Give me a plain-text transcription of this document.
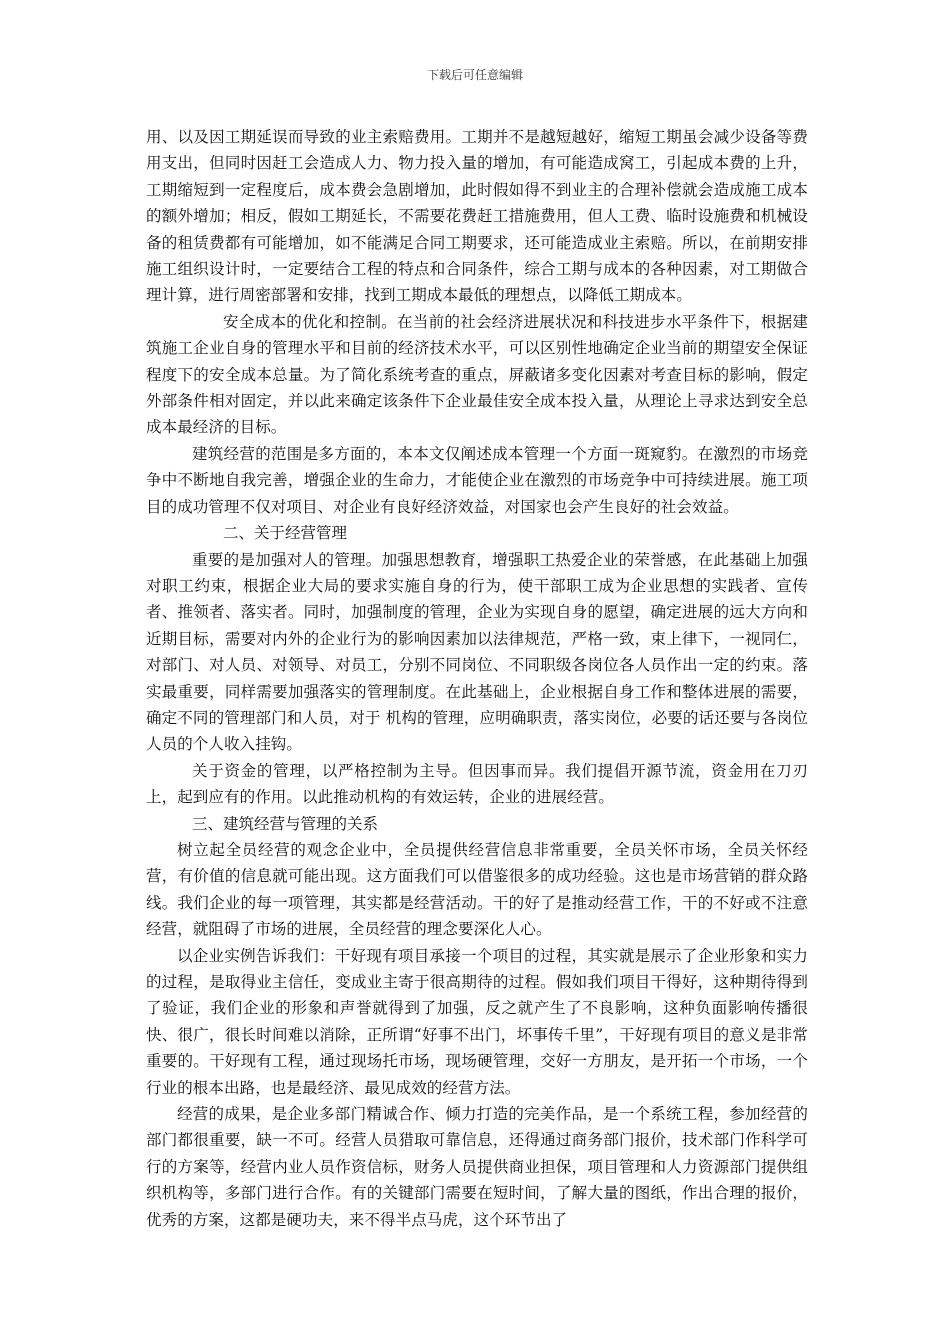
下载后可任意编辑

用、以及因工期延误而导致的业主索赔费用。工期并不是越短越好，缩短工期虽会减少设备等费用支出，但同时因赶工会造成人力、物力投入量的增加，有可能造成窝工，引起成本费的上升，工期缩短到一定程度后，成本费会急剧增加，此时假如得不到业主的合理补偿就会造成施工成本的额外增加；相反，假如工期延长，不需要花费赶工措施费用，但人工费、临时设施费和机械设备的租赁费都有可能增加，如不能满足合同工期要求，还可能造成业主索赔。所以，在前期安排施工组织设计时，一定要结合工程的特点和合同条件，综合工期与成本的各种因素，对工期做合理计算，进行周密部署和安排，找到工期成本最低的理想点，以降低工期成本。

安全成本的优化和控制。在当前的社会经济进展状况和科技进步水平条件下，根据建筑施工企业自身的管理水平和目前的经济技术水平，可以区别性地确定企业当前的期望安全保证程度下的安全成本总量。为了简化系统考查的重点，屏蔽诸多变化因素对考查目标的影响，假定外部条件相对固定，并以此来确定该条件下企业最佳安全成本投入量，从理论上寻求达到安全总成本最经济的目标。

建筑经营的范围是多方面的，本本文仅阐述成本管理一个方面一斑窥豹。在激烈的市场竞争中不断地自我完善，增强企业的生命力，才能使企业在激烈的市场竞争中可持续进展。施工项目的成功管理不仅对项目、对企业有良好经济效益，对国家也会产生良好的社会效益。

二、关于经营管理

重要的是加强对人的管理。加强思想教育，增强职工热爱企业的荣誉感，在此基础上加强对职工约束，根据企业大局的要求实施自身的行为，使干部职工成为企业思想的实践者、宣传者、推领者、落实者。同时，加强制度的管理，企业为实现自身的愿望，确定进展的远大方向和近期目标，需要对内外的企业行为的影响因素加以法律规范，严格一致，束上律下，一视同仁，对部门、对人员、对领导、对员工，分别不同岗位、不同职级各岗位各人员作出一定的约束。落实最重要，同样需要加强落实的管理制度。在此基础上，企业根据自身工作和整体进展的需要，确定不同的管理部门和人员，对于 机构的管理，应明确职责，落实岗位，必要的话还要与各岗位人员的个人收入挂钩。

关于资金的管理，以严格控制为主导。但因事而异。我们提倡开源节流，资金用在刀刃上，起到应有的作用。以此推动机构的有效运转，企业的进展经营。

三、建筑经营与管理的关系

树立起全员经营的观念企业中，全员提供经营信息非常重要，全员关怀市场，全员关怀经营，有价值的信息就可能出现。这方面我们可以借鉴很多的成功经验。这也是市场营销的群众路线。我们企业的每一项管理，其实都是经营活动。干的好了是推动经营工作，干的不好或不注意经营，就阻碍了市场的进展，全员经营的理念要深化人心。

以企业实例告诉我们：干好现有项目承接一个项目的过程，其实就是展示了企业形象和实力的过程，是取得业主信任，变成业主寄于很高期待的过程。假如我们项目干得好，这种期待得到了验证，我们企业的形象和声誉就得到了加强，反之就产生了不良影响，这种负面影响传播很快、很广，很长时间难以消除，正所谓“好事不出门，坏事传千里”，干好现有项目的意义是非常重要的。干好现有工程，通过现场托市场，现场硬管理，交好一方朋友，是开拓一个市场，一个行业的根本出路，也是最经济、最见成效的经营方法。

经营的成果，是企业多部门精诚合作、倾力打造的完美作品，是一个系统工程，参加经营的部门都很重要，缺一不可。经营人员猎取可靠信息，还得通过商务部门报价，技术部门作科学可行的方案等，经营内业人员作资信标，财务人员提供商业担保，项目管理和人力资源部门提供组织机构等，多部门进行合作。有的关键部门需要在短时间，了解大量的图纸，作出合理的报价，优秀的方案，这都是硬功夫，来不得半点马虎，这个环节出了
